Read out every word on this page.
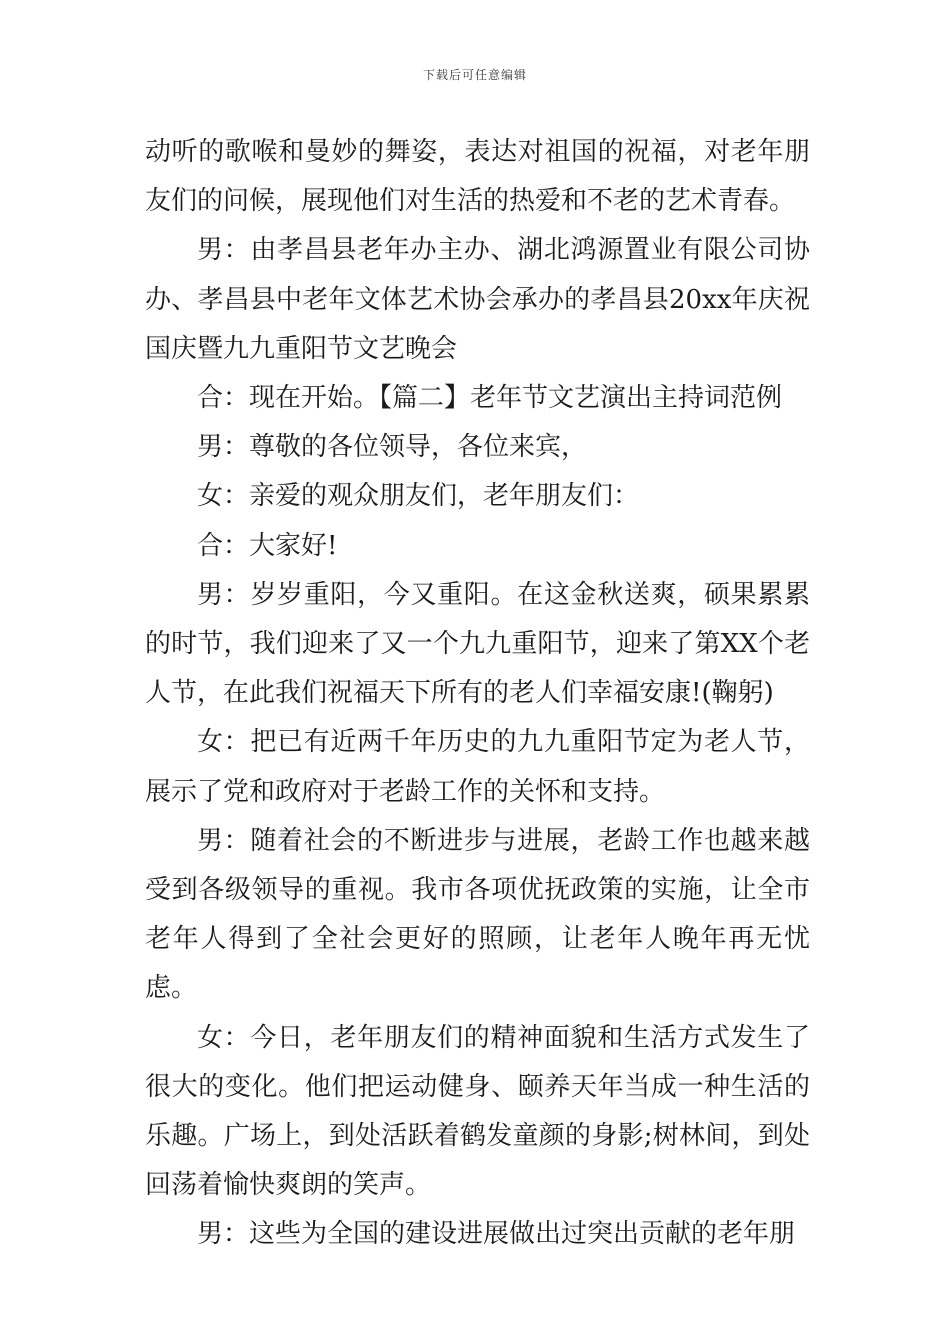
下载后可任意编辑

动听的歌喉和曼妙的舞姿，表达对祖国的祝福，对老年朋友们的问候，展现他们对生活的热爱和不老的艺术青春。

男：由孝昌县老年办主办、湖北鸿源置业有限公司协办、孝昌县中老年文体艺术协会承办的孝昌县20xx年庆祝国庆暨九九重阳节文艺晚会

合：现在开始。【篇二】老年节文艺演出主持词范例

男：尊敬的各位领导，各位来宾，

女：亲爱的观众朋友们，老年朋友们：

合：大家好!

男：岁岁重阳，今又重阳。在这金秋送爽，硕果累累的时节，我们迎来了又一个九九重阳节，迎来了第XX个老人节，在此我们祝福天下所有的老人们幸福安康!(鞠躬)

女：把已有近两千年历史的九九重阳节定为老人节，展示了党和政府对于老龄工作的关怀和支持。

男：随着社会的不断进步与进展，老龄工作也越来越受到各级领导的重视。我市各项优抚政策的实施，让全市老年人得到了全社会更好的照顾，让老年人晚年再无忧虑。

女：今日，老年朋友们的精神面貌和生活方式发生了很大的变化。他们把运动健身、颐养天年当成一种生活的乐趣。广场上，到处活跃着鹤发童颜的身影;树林间，到处回荡着愉快爽朗的笑声。

男：这些为全国的建设进展做出过突出贡献的老年朋
